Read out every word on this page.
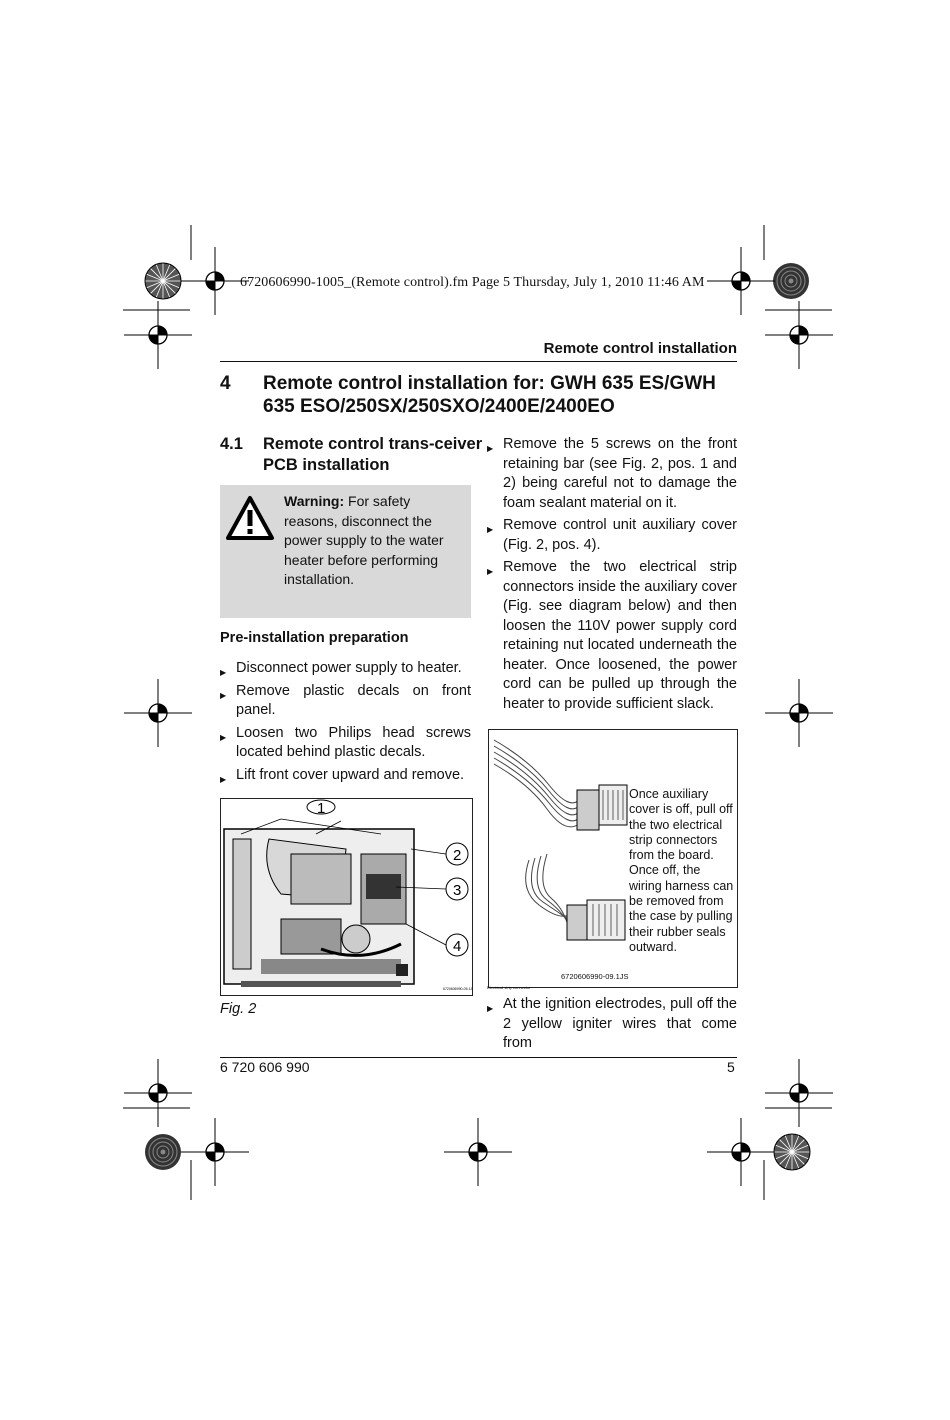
6720606990-1005_(Remote control).fm Page 5 Thursday, July 1, 2010 11:46 AM
Remote control installation
4 Remote control installation for: GWH 635 ES/GWH 635 ESO/250SX/250SXO/2400E/2400EO
4.1 Remote control trans-ceiver PCB installation
Warning: For safety reasons, disconnect the power supply to the water heater before performing installation.
Pre-installation preparation
▶ Disconnect power supply to heater.
▶ Remove plastic decals on front panel.
▶ Loosen two Philips head screws located behind plastic decals.
▶ Lift front cover upward and remove.
1
2
3
4
6720606990-05.1JS
Fig. 2
▶ Remove the 5 screws on the front retaining bar (see Fig. 2, pos. 1 and 2) being careful not to damage the foam sealant material on it.
▶ Remove control unit auxiliary cover (Fig. 2, pos. 4).
▶ Remove the two electrical strip connectors inside the auxiliary cover (Fig. see diagram below) and then loosen the 110V power supply cord retaining nut located underneath the heater. Once loosened, the power cord can be pulled up through the heater to provide sufficient slack.
Once auxiliary cover is off, pull off the two electrical strip connectors from the board. Once off, the wiring harness can be removed from the case by pulling their rubber seals outward.
6720606990-09.1JS
Electrical strip connector
▶ At the ignition electrodes, pull off the 2 yellow igniter wires that come from
6 720 606 990	5
